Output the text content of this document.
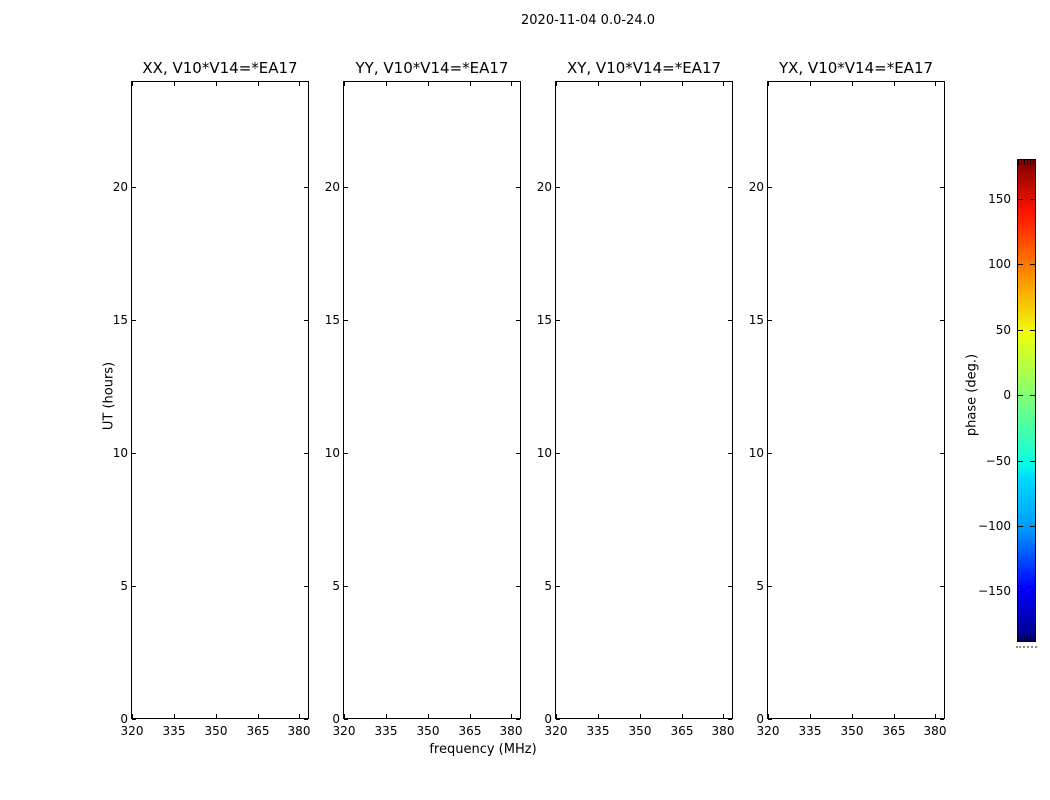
2020-11-04 0.0-24.0
UT (hours)
XX, V10*V14=*EA17
320 335 350 365 380
0
5
10
15
20
YY, V10*V14=*EA17
320 335 350 365 380
0
5
10
15
20
XY, V10*V14=*EA17
320 335 350 365 380
0
5
10
15
20
YX, V10*V14=*EA17
320 335 350 365 380
0
5
10
15
20
frequency (MHz)
150
100
50
0
−50
−100
−150
phase (deg.)
